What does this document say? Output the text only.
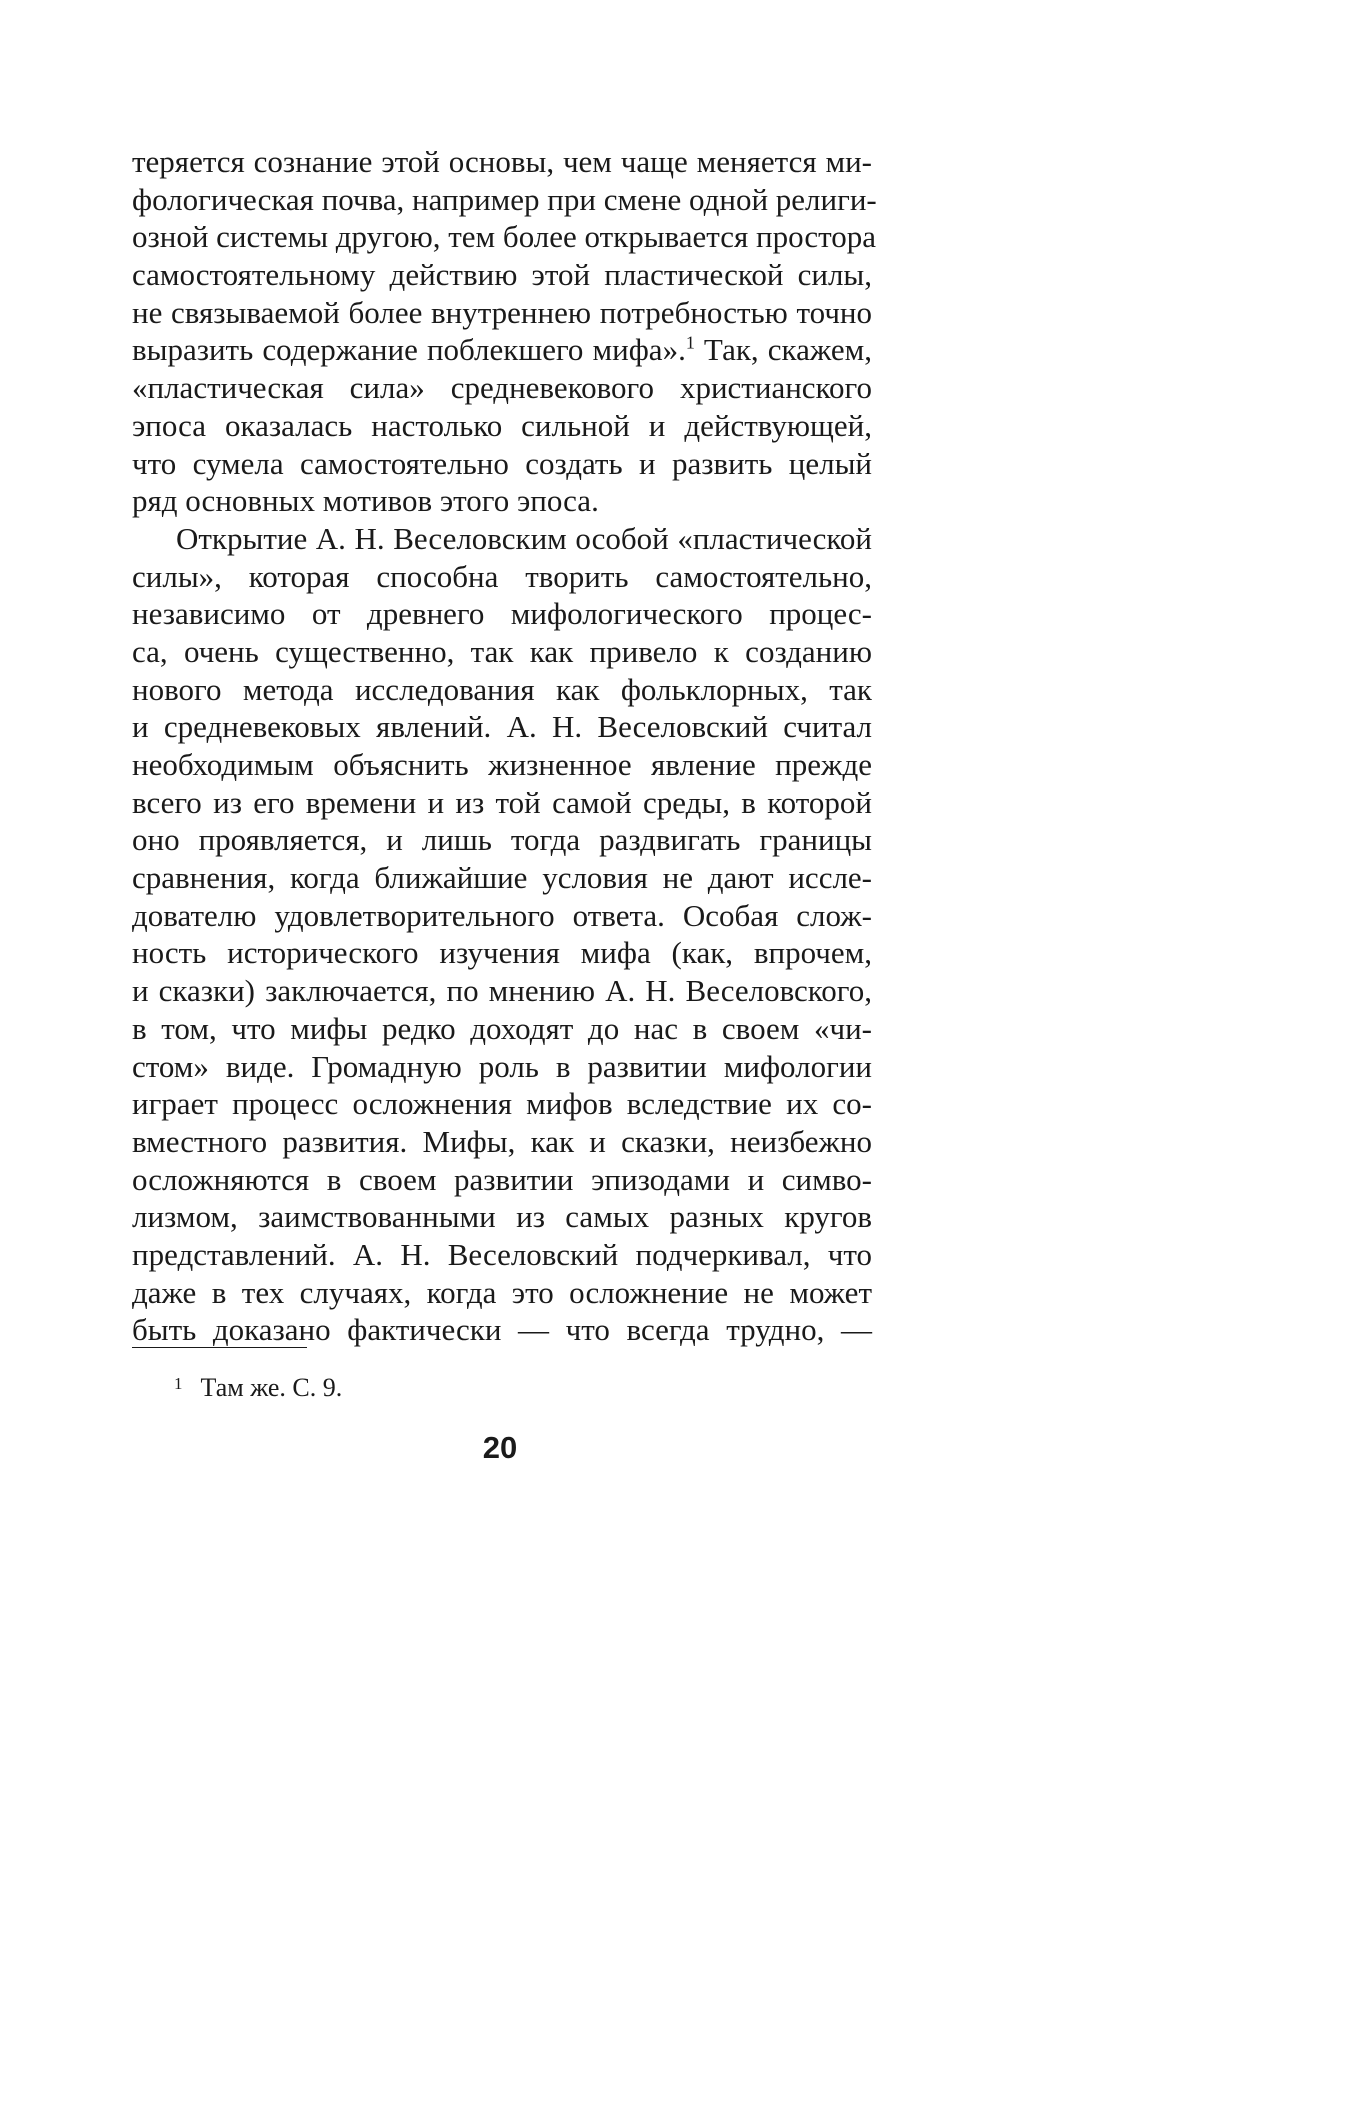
теряется сознание этой основы, чем чаще меняется ми-
фологическая почва, например при смене одной религи-
озной системы другою, тем более открывается простора
самостоятельному действию этой пластической силы,
не связываемой более внутреннею потребностью точно
выразить содержание поблекшего мифа».$^1$ Так, скажем,
«пластическая сила» средневекового христианского
эпоса оказалась настолько сильной и действующей,
что сумела самостоятельно создать и развить целый
ряд основных мотивов этого эпоса.
Открытие А. Н. Веселовским особой «пластической
силы», которая способна творить самостоятельно,
независимо от древнего мифологического процес-
са, очень существенно, так как привело к созданию
нового метода исследования как фольклорных, так
и средневековых явлений. А. Н. Веселовский считал
необходимым объяснить жизненное явление прежде
всего из его времени и из той самой среды, в которой
оно проявляется, и лишь тогда раздвигать границы
сравнения, когда ближайшие условия не дают иссле-
дователю удовлетворительного ответа. Особая слож-
ность исторического изучения мифа (как, впрочем,
и сказки) заключается, по мнению А. Н. Веселовского,
в том, что мифы редко доходят до нас в своем «чи-
стом» виде. Громадную роль в развитии мифологии
играет процесс осложнения мифов вследствие их со-
вместного развития. Мифы, как и сказки, неизбежно
осложняются в своем развитии эпизодами и симво-
лизмом, заимствованными из самых разных кругов
представлений. А. Н. Веселовский подчеркивал, что
даже в тех случаях, когда это осложнение не может
быть доказано фактически — что всегда трудно, —
$^1$ Там же. С. 9.
20
